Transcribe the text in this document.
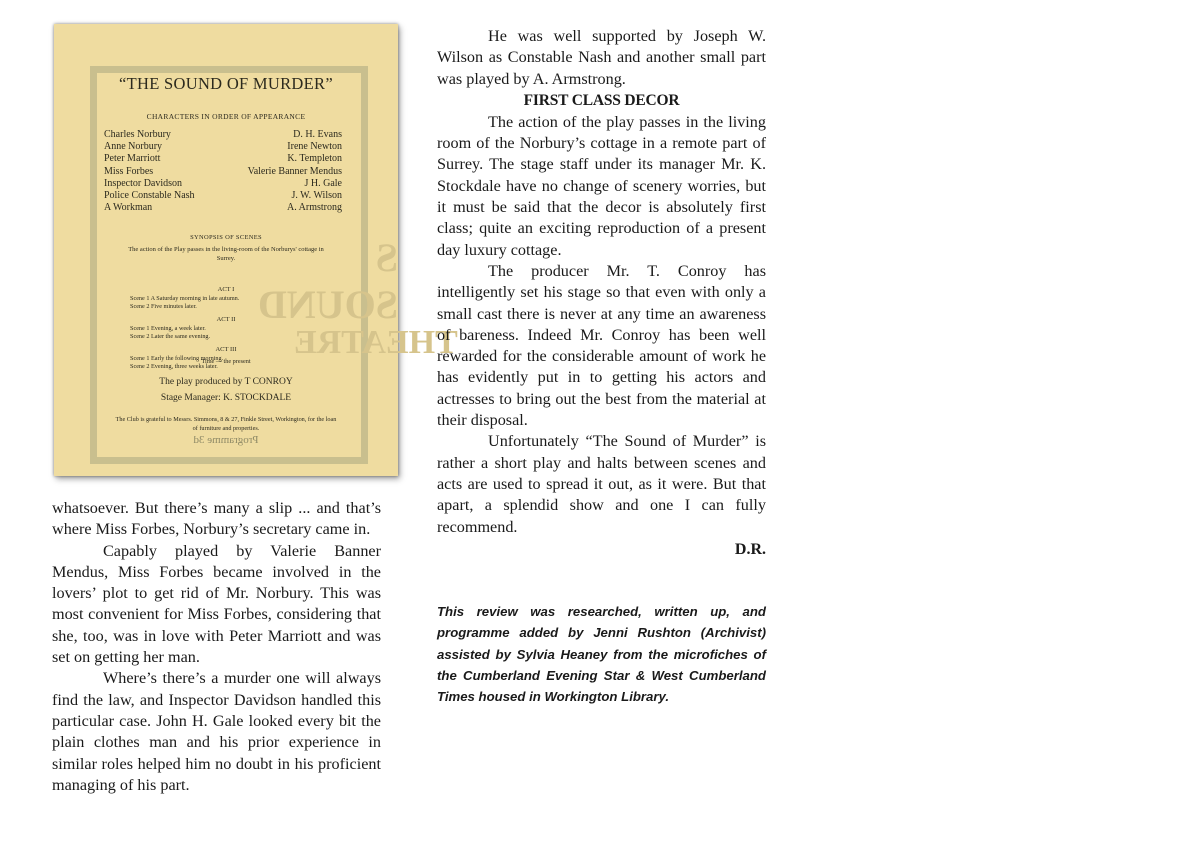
S SOUND
THEATRE
“THE SOUND OF MURDER”
CHARACTERS IN ORDER OF APPEARANCE
Charles Norbury	D. H. Evans
Anne Norbury	Irene Newton
Peter Marriott	K. Templeton
Miss Forbes	Valerie Banner Mendus
Inspector Davidson	J H. Gale
Police Constable Nash	J. W. Wilson
A Workman	A. Armstrong
SYNOPSIS OF SCENES
The action of the Play passes in the living-room of the Norburys' cottage in Surrey.
ACT I
Scene 1 A Saturday morning in late autumn.
Scene 2 Five minutes later.
ACT II
Scene 1 Evening, a week later.
Scene 2 Later the same evening.
ACT III
Scene 1 Early the following morning.
Scene 2 Evening, three weeks later.
Time — the present
The play produced by T CONROY
Stage Manager: K. STOCKDALE
The Club is grateful to Messrs. Simmons, 8 & 27, Finkle Street, Workington, for the loan of furniture and properties.
Programme 3d

whatsoever. But there’s many a slip ... and that’s where Miss Forbes, Norbury’s secretary came in.

Capably played by Valerie Banner Mendus, Miss Forbes became involved in the lovers’ plot to get rid of Mr. Norbury. This was most convenient for Miss Forbes, considering that she, too, was in love with Peter Marriott and was set on getting her man.

Where’s there’s a murder one will always find the law, and Inspector Davidson handled this particular case. John H. Gale looked every bit the plain clothes man and his prior experience in similar roles helped him no doubt in his proficient managing of his part.

He was well supported by Joseph W. Wilson as Constable Nash and another small part was played by A. Armstrong.

FIRST CLASS DECOR

The action of the play passes in the living room of the Norbury’s cottage in a remote part of Surrey. The stage staff under its manager Mr. K. Stockdale have no change of scenery worries, but it must be said that the decor is absolutely first class; quite an exciting reproduction of a present day luxury cottage.

The producer Mr. T. Conroy has intelligently set his stage so that even with only a small cast there is never at any time an awareness of bareness. Indeed Mr. Conroy has been well rewarded for the considerable amount of work he has evidently put in to getting his actors and actresses to bring out the best from the material at their disposal.

Unfortunately “The Sound of Murder” is rather a short play and halts between scenes and acts are used to spread it out, as it were. But that apart, a splendid show and one I can fully recommend.

D.R.
This review was researched, written up, and programme added by Jenni Rushton (Archivist) assisted by Sylvia Heaney from the microfiches of the Cumberland Evening Star & West Cumberland Times housed in Workington Library.
